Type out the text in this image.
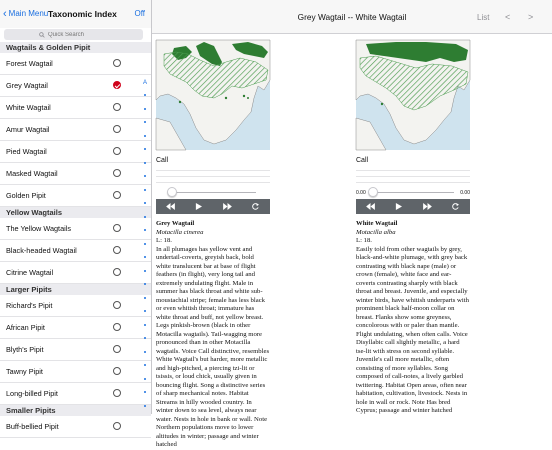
‹ Main Menu Taxonomic Index Off
Quick Search
Wagtails & Golden Pipit
Forest Wagtail
Grey Wagtail
White Wagtail
Amur Wagtail
Pied Wagtail
Masked Wagtail
Golden Pipit
Yellow Wagtails
The Yellow Wagtails
Black-headed Wagtail
Citrine Wagtail
Larger Pipits
Richard's Pipit
African Pipit
Blyth's Pipit
Tawny Pipit
Long-billed Pipit
Smaller Pipits
Buff-bellied Pipit
A
Grey Wagtail -- White Wagtail	List < >
Call
Grey Wagtail
Motacilla cinerea
L: 18.
In all plumages has yellow vent and undertail-coverts, greyish back, bold white translucent bar at base of flight feathers (in flight), very long tail and extremely undulating flight. Male in summer has black throat and white sub-moustachial stripe; female has less black or even whitish throat; immature has white throat and buff, not yellow breast. Legs pinkish-brown (black in other Motacilla wagtails). Tail-wagging more pronounced than in other Motacilla wagtails. Voice Call distinctive, resembles White Wagtail's but harder, more metallic and high-pitched, a piercing tzi-lit or tsissis, or loud chick, usually given in bouncing flight. Song a distinctive series of sharp mechanical notes. Habitat Streams in hilly wooded country. In winter down to sea level, always near water. Nests in hole in bank or wall. Note Northern populations move to lower altitudes in winter; passage and winter hatched
Call
0.00	0.00
White Wagtail
Motacilla alba
L: 18.
Easily told from other wagtails by grey, black-and-white plumage, with grey back contrasting with black nape (male) or crown (female), white face and ear-coverts contrasting sharply with black throat and breast. Juvenile, and especially winter birds, have whitish underparts with prominent black half-moon collar on breast. Flanks show some greyness, concolorous with or paler than mantle. Flight undulating, when often calls. Voice Disyllabic call slightly metallic, a hard tse-lit with stress on second syllable. Juvenile's call more metallic, often consisting of more syllables. Song composed of call-notes, a lively garbled twittering. Habitat Open areas, often near habitation, cultivation, livestock. Nests in hole in wall or rock. Note Has bred Cyprus; passage and winter hatched
